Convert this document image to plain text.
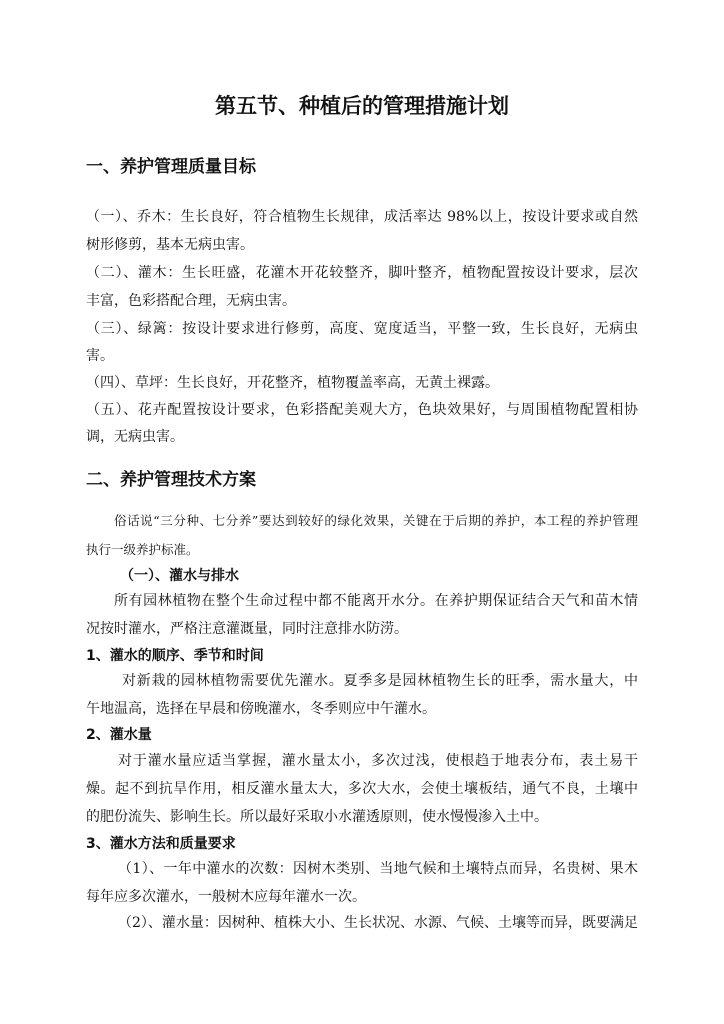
第五节、种植后的管理措施计划
一、养护管理质量目标
（一）、乔木：生长良好，符合植物生长规律，成活率达 98%以上，按设计要求或自然
树形修剪，基本无病虫害。
（二）、灌木：生长旺盛，花灌木开花较整齐，脚叶整齐，植物配置按设计要求，层次
丰富，色彩搭配合理，无病虫害。
（三）、绿篱：按设计要求进行修剪，高度、宽度适当，平整一致，生长良好，无病虫
害。
（四）、草坪：生长良好，开花整齐，植物覆盖率高，无黄土裸露。
（五）、花卉配置按设计要求，色彩搭配美观大方，色块效果好，与周围植物配置相协
调，无病虫害。
二、养护管理技术方案
俗话说“三分种、七分养”要达到较好的绿化效果，关键在于后期的养护，本工程的养护管理
执行一级养护标准。
（一）、灌水与排水
所有园林植物在整个生命过程中都不能离开水分。在养护期保证结合天气和苗木情
况按时灌水，严格注意灌溉量，同时注意排水防涝。
1、灌水的顺序、季节和时间
对新栽的园林植物需要优先灌水。夏季多是园林植物生长的旺季，需水量大，中
午地温高，选择在早晨和傍晚灌水，冬季则应中午灌水。
2、灌水量
对于灌水量应适当掌握，灌水量太小，多次过浅，使根趋于地表分布，表土易干
燥。起不到抗旱作用，相反灌水量太大，多次大水，会使土壤板结，通气不良，土壤中
的肥份流失、影响生长。所以最好采取小水灌透原则，使水慢慢渗入土中。
3、灌水方法和质量要求
（1）、一年中灌水的次数：因树木类别、当地气候和土壤特点而异，名贵树、果木
每年应多次灌水，一般树木应每年灌水一次。
（2）、灌水量：因树种、植株大小、生长状况、水源、气候、土壤等而异，既要满足
